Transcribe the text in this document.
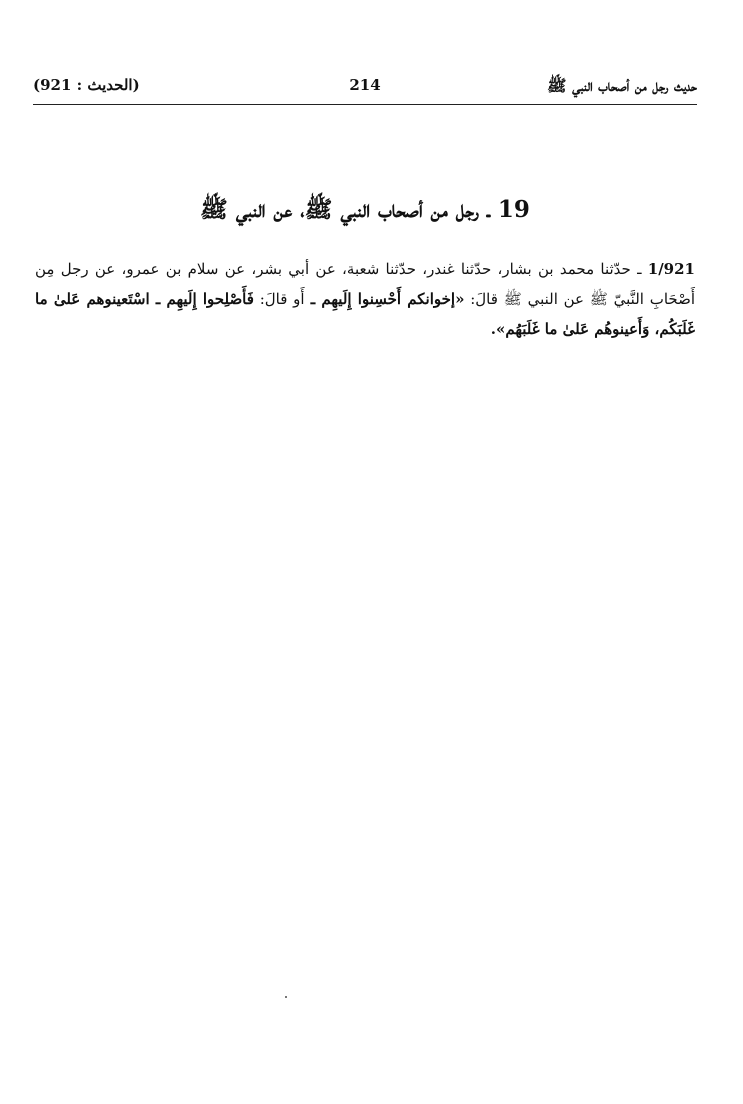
حديث رجل من أصحاب النبي ﷺ
214
(الحديث : 921)
19 ـ رجل من أصحاب النبي ﷺ، عن النبي ﷺ
1/921 ـ حدّثنا محمد بن بشار، حدّثنا غندر، حدّثنا شعبة، عن أبي بشر، عن سلام بن عمرو، عن رجل مِن أَصْحَابِ النَّبيّ ﷺ عن النبي ﷺ قالَ: «إخوانكم أَحْسِنوا إِلَيهِم ـ أَو قالَ: فَأَصْلِحوا إِلَيهِم ـ اسْتَعينوهم عَلىٰ ما غَلَبَكُم، وَأَعينوهُم عَلىٰ ما غَلَبَهُم».
